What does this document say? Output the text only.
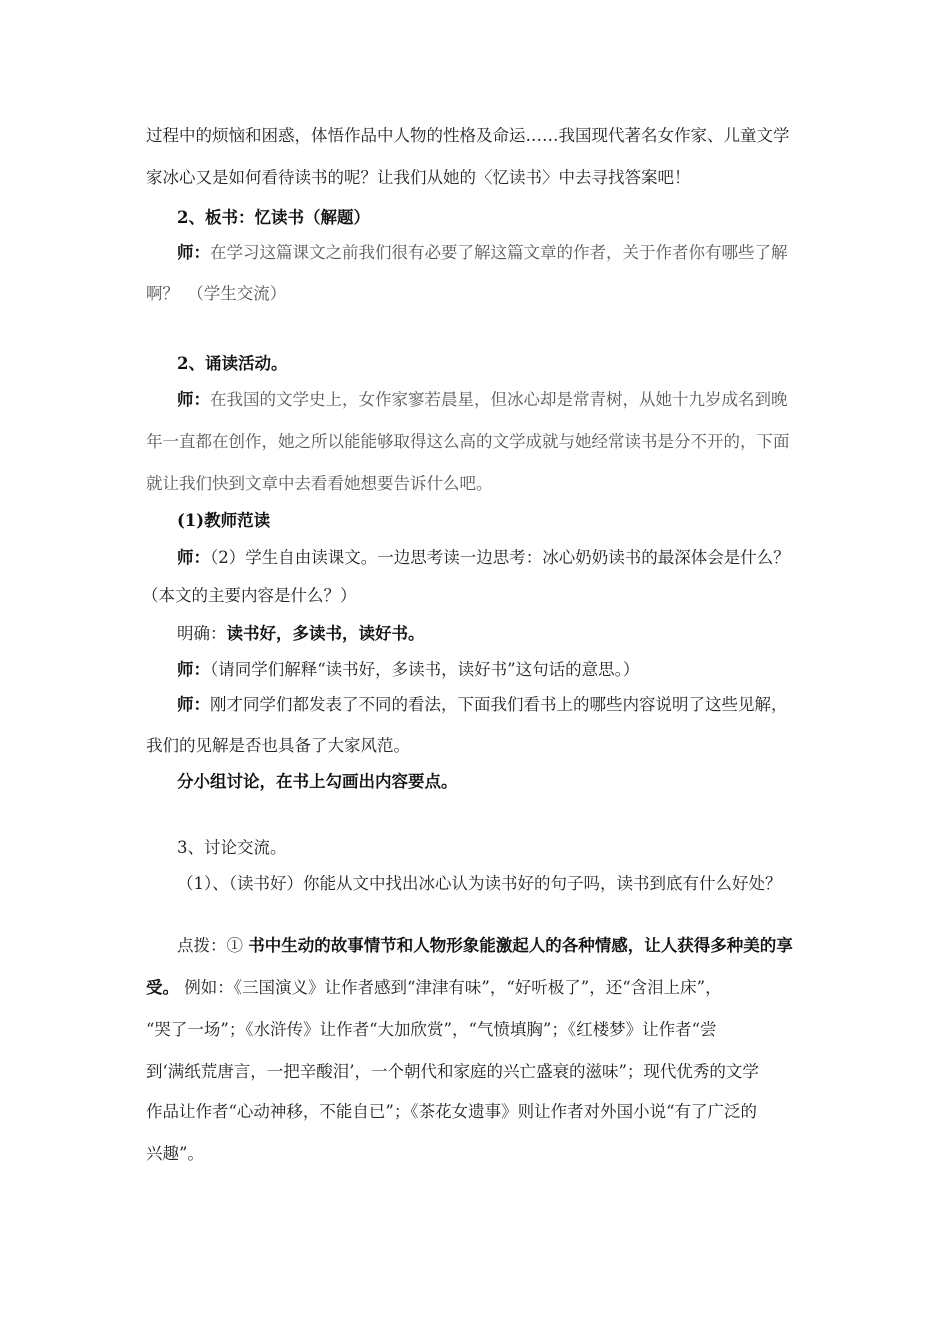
过程中的烦恼和困惑，体悟作品中人物的性格及命运……我国现代著名女作家、儿童文学
家冰心又是如何看待读书的呢？让我们从她的〈忆读书〉中去寻找答案吧！
2、板书：忆读书（解题）
师：在学习这篇课文之前我们很有必要了解这篇文章的作者，关于作者你有哪些了解
啊？　（学生交流）
2、诵读活动。
师：在我国的文学史上，女作家寥若晨星，但冰心却是常青树，从她十九岁成名到晚
年一直都在创作，她之所以能能够取得这么高的文学成就与她经常读书是分不开的，下面
就让我们快到文章中去看看她想要告诉什么吧。
(1)教师范读
师：（2）学生自由读课文。一边思考读一边思考：冰心奶奶读书的最深体会是什么？
（本文的主要内容是什么？）
明确：读书好，多读书，读好书。
师：（请同学们解释“读书好，多读书，读好书”这句话的意思。）
师：刚才同学们都发表了不同的看法，下面我们看书上的哪些内容说明了这些见解，
我们的见解是否也具备了大家风范。
分小组讨论，在书上勾画出内容要点。
3、讨论交流。
（1）、（读书好）你能从文中找出冰心认为读书好的句子吗，读书到底有什么好处？
点拨：① 书中生动的故事情节和人物形象能激起人的各种情感，让人获得多种美的享
受。 例如：《三国演义》让作者感到“津津有味”，“好听极了”，还“含泪上床”，
“哭了一场”；《水浒传》让作者“大加欣赏”，“气愤填胸”；《红楼梦》让作者“尝
到‘满纸荒唐言，一把辛酸泪’，一个朝代和家庭的兴亡盛衰的滋味”；现代优秀的文学
作品让作者“心动神移，不能自已”；《茶花女遗事》则让作者对外国小说“有了广泛的
兴趣”。
